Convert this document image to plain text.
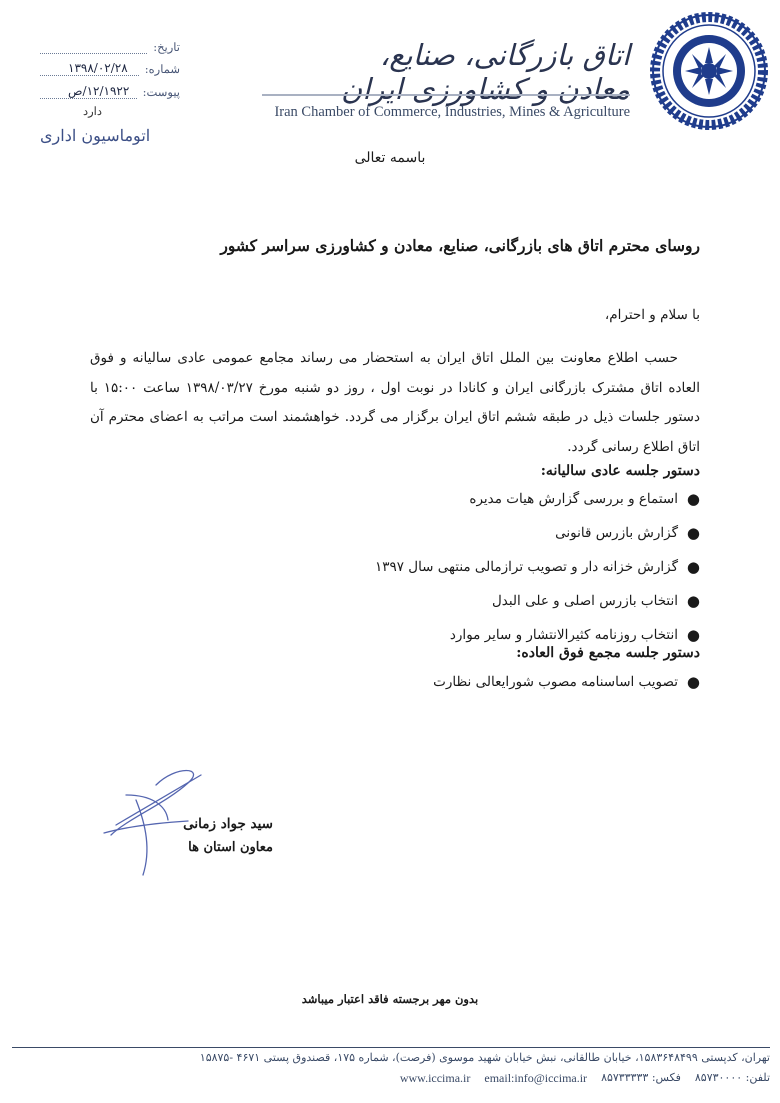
اتاق بازرگانی، صنایع، معادن و کشاورزی ایران
Iran Chamber of Commerce, Industries, Mines & Agriculture
تاریخ:
۱۳۹۸/۰۲/۲۸	شماره:
۱۲/۱۹۲۲/ص	پیوست:
دارد
اتوماسیون اداری
باسمه تعالی
روسای محترم اتاق های بازرگانی، صنایع، معادن و کشاورزی سراسر کشور
با سلام و احترام،
حسب اطلاع معاونت بین الملل اتاق ایران به استحضار می رساند مجامع عمومی عادی سالیانه و فوق العاده اتاق مشترک بازرگانی ایران و کانادا در نوبت اول ، روز دو شنبه مورخ ۱۳۹۸/۰۳/۲۷ ساعت ۱۵:۰۰ با دستور جلسات ذیل در طبقه ششم اتاق ایران برگزار می گردد. خواهشمند است مراتب به اعضای محترم آن اتاق اطلاع رسانی گردد.
دستور جلسه عادی سالیانه:
●
استماع و بررسی گزارش هیات مدیره
●
گزارش بازرس قانونی
●
گزارش خزانه دار و تصویب ترازمالی منتهی سال ۱۳۹۷
●
انتخاب بازرس اصلی و علی البدل
●
انتخاب روزنامه کثیرالانتشار و سایر موارد
دستور جلسه مجمع فوق العاده:
●
تصویب اساسنامه مصوب شورایعالی نظارت
سید جواد زمانی
معاون استان ها
بدون مهر برجسته فاقد اعتبار میباشد
تهران، کدپستی ۱۵۸۳۶۴۸۴۹۹، خیابان طالقانی، نبش خیابان شهید موسوی (فرصت)، شماره ۱۷۵، قصندوق پستی ۴۶۷۱ -۱۵۸۷۵
www.iccima.ir email:info@iccima.ir فکس: ۸۵۷۳۳۳۳۳ تلفن: ۸۵۷۳۰۰۰۰
